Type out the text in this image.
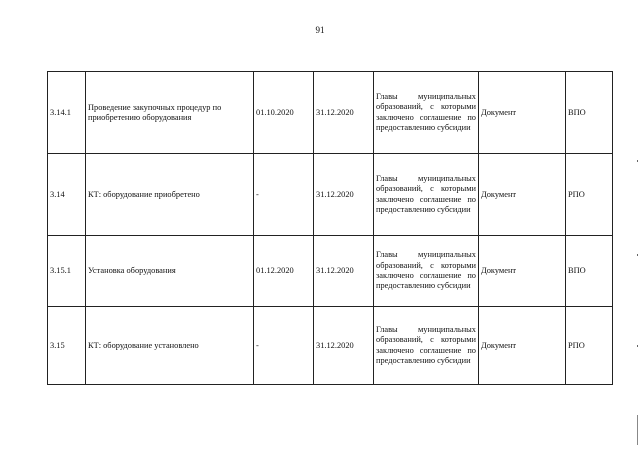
91
3.14.1	Проведение закупочных процедур по приобретению оборудования	01.10.2020	31.12.2020	Главы муниципальных образований, с которыми заключено соглашение по предоставлению субсидии	Документ	ВПО
3.14	КТ: оборудование приобретено	-	31.12.2020	Главы муниципальных образований, с которыми заключено соглашение по предоставлению субсидии	Документ	РПО
3.15.1	Установка оборудования	01.12.2020	31.12.2020	Главы муниципальных образований, с которыми заключено соглашение по предоставлению субсидии	Документ	ВПО
3.15	КТ: оборудование установлено	-	31.12.2020	Главы муниципальных образований, с которыми заключено соглашение по предоставлению субсидии	Документ	РПО
